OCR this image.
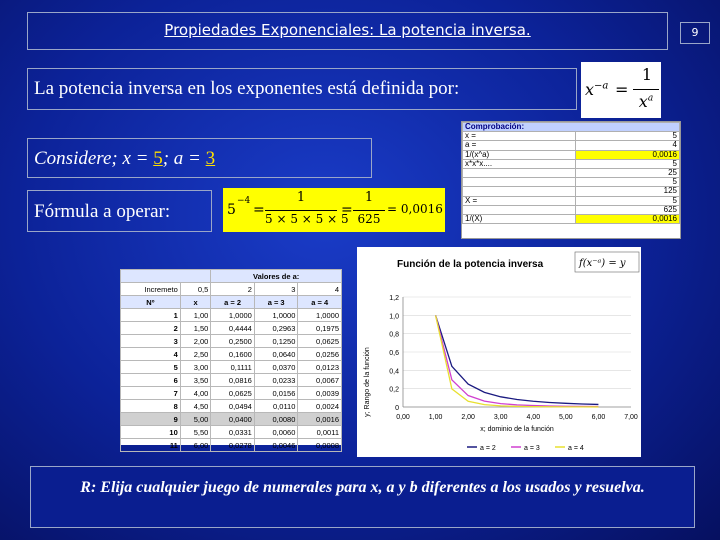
Propiedades Exponenciales: La potencia inversa.	9
La potencia inversa en los exponentes está definida por:	$x^{-a}$ =
1
$x^a$
Comprobación:	
x =	5
a =	4
1/(x^a)	0,0016
x*x*x....	5
	25
	5
	125
X =	5
	625
1/(X)	0,0016
Considere; x = 5; a = 3
Fórmula a operar:	5
−4
=
1
5 × 5 × 5 × 5
=
1
625
= 0,0016
		Valores de a:		
Incremeto	0,5	2	3	4
Nº	x	a = 2	a = 3	a = 4
1	1,00	1,0000	1,0000	1,0000
2	1,50	0,4444	0,2963	0,1975
3	2,00	0,2500	0,1250	0,0625
4	2,50	0,1600	0,0640	0,0256
5	3,00	0,1111	0,0370	0,0123
6	3,50	0,0816	0,0233	0,0067
7	4,00	0,0625	0,0156	0,0039
8	4,50	0,0494	0,0110	0,0024
9	5,00	0,0400	0,0080	0,0016
10	5,50	0,0331	0,0060	0,0011
11	6,00	0,0278	0,0046	0,0008
Función de la potencia inversa	f(x⁻ᵃ) = y
0
0,2
0,4
0,6
0,8
1,0
1,2
0,00	1,00	2,00	3,00	4,00	5,00	6,00	7,00
x; dominio de la función
y; Rango de la función
a = 2	a = 3	a = 4
R: Elija cualquier juego de numerales para x, a y b diferentes a los usados y resuelva.
